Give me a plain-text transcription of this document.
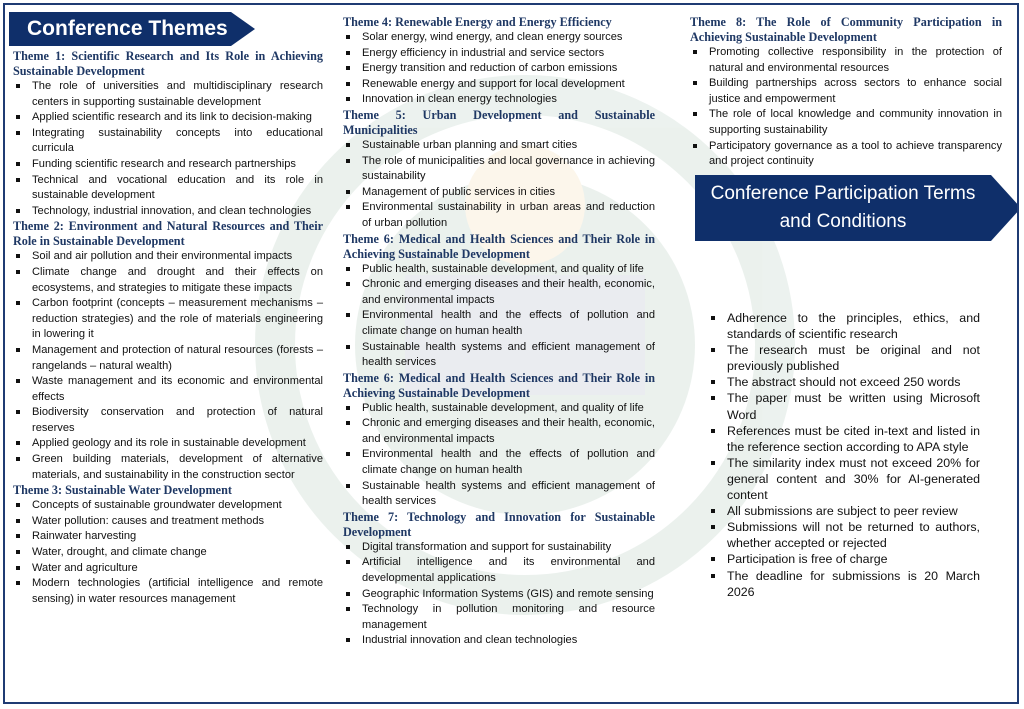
Conference Themes
Theme 1: Scientific Research and Its Role in Achieving Sustainable Development
The role of universities and multidisciplinary research centers in supporting sustainable development
Applied scientific research and its link to decision-making
Integrating sustainability concepts into educational curricula
Funding scientific research and research partnerships
Technical and vocational education and its role in sustainable development
Technology, industrial innovation, and clean technologies
Theme 2: Environment and Natural Resources and Their Role in Sustainable Development
Soil and air pollution and their environmental impacts
Climate change and drought and their effects on ecosystems, and strategies to mitigate these impacts
Carbon footprint (concepts – measurement mechanisms – reduction strategies) and the role of materials engineering in lowering it
Management and protection of natural resources (forests – rangelands – natural wealth)
Waste management and its economic and environmental effects
Biodiversity conservation and protection of natural reserves
Applied geology and its role in sustainable development
Green building materials, development of alternative materials, and sustainability in the construction sector
Theme 3: Sustainable Water Development
Concepts of sustainable groundwater development
Water pollution: causes and treatment methods
Rainwater harvesting
Water, drought, and climate change
Water and agriculture
Modern technologies (artificial intelligence and remote sensing) in water resources management
Theme 4: Renewable Energy and Energy Efficiency
Solar energy, wind energy, and clean energy sources
Energy efficiency in industrial and service sectors
Energy transition and reduction of carbon emissions
Renewable energy and support for local development
Innovation in clean energy technologies
Theme 5: Urban Development and Sustainable Municipalities
Sustainable urban planning and smart cities
The role of municipalities and local governance in achieving sustainability
Management of public services in cities
Environmental sustainability in urban areas and reduction of urban pollution
Theme 6: Medical and Health Sciences and Their Role in Achieving Sustainable Development
Public health, sustainable development, and quality of life
Chronic and emerging diseases and their health, economic, and environmental impacts
Environmental health and the effects of pollution and climate change on human health
Sustainable health systems and efficient management of health services
Theme 6: Medical and Health Sciences and Their Role in Achieving Sustainable Development
Public health, sustainable development, and quality of life
Chronic and emerging diseases and their health, economic, and environmental impacts
Environmental health and the effects of pollution and climate change on human health
Sustainable health systems and efficient management of health services
Theme 7: Technology and Innovation for Sustainable Development
Digital transformation and support for sustainability
Artificial intelligence and its environmental and developmental applications
Geographic Information Systems (GIS) and remote sensing
Technology in pollution monitoring and resource management
Industrial innovation and clean technologies
Theme 8: The Role of Community Participation in Achieving Sustainable Development
Promoting collective responsibility in the protection of natural and environmental resources
Building partnerships across sectors to enhance social justice and empowerment
The role of local knowledge and community innovation in supporting sustainability
Participatory governance as a tool to achieve transparency and project continuity
Conference Participation Terms and Conditions
Adherence to the principles, ethics, and standards of scientific research
The research must be original and not previously published
The abstract should not exceed 250 words
The paper must be written using Microsoft Word
References must be cited in-text and listed in the reference section according to APA style
The similarity index must not exceed 20% for general content and 30% for AI-generated content
All submissions are subject to peer review
Submissions will not be returned to authors, whether accepted or rejected
Participation is free of charge
The deadline for submissions is 20 March 2026
